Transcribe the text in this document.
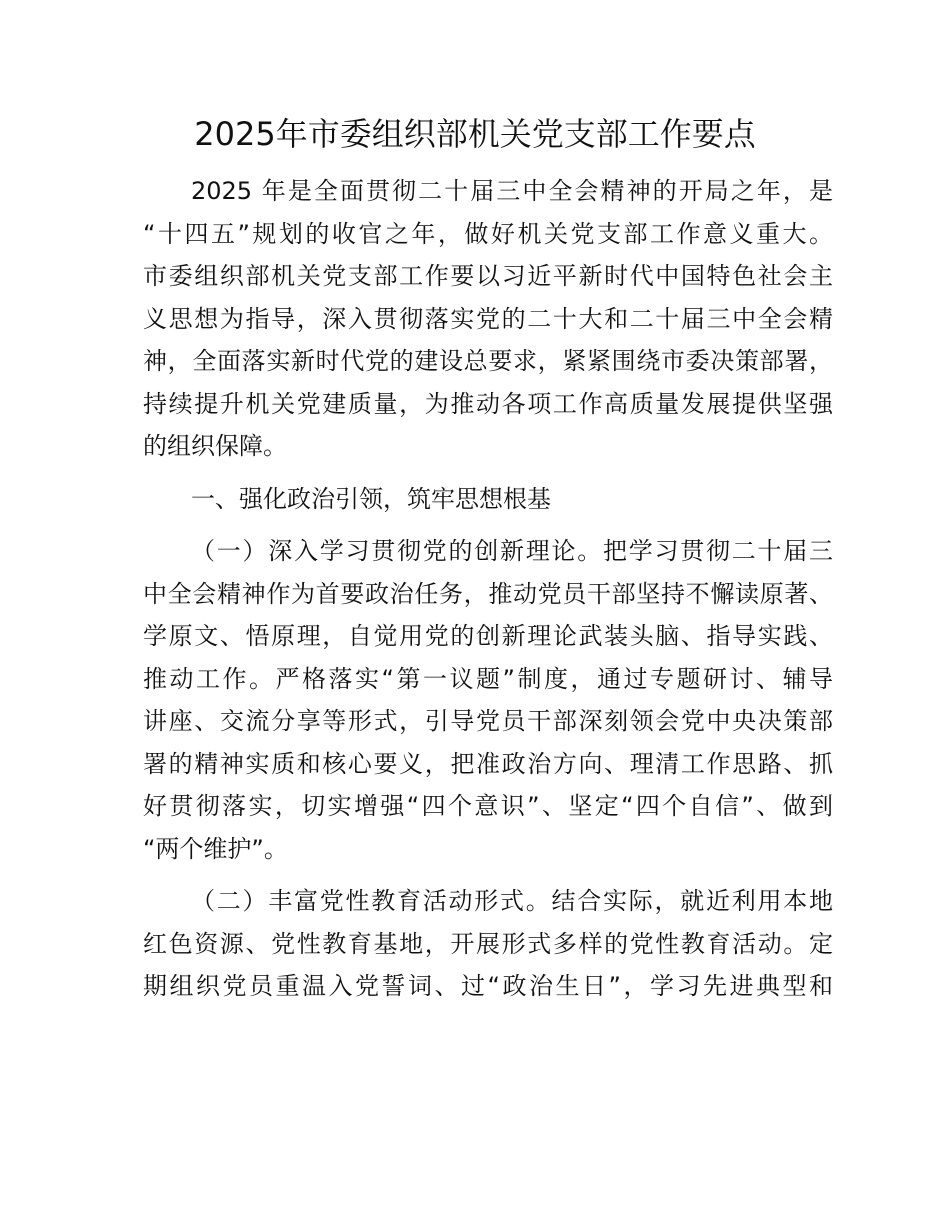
2025年市委组织部机关党支部工作要点
2025 年是全面贯彻二十届三中全会精神的开局之年，是
“十四五”规划的收官之年，做好机关党支部工作意义重大。
市委组织部机关党支部工作要以习近平新时代中国特色社会主
义思想为指导，深入贯彻落实党的二十大和二十届三中全会精
神，全面落实新时代党的建设总要求，紧紧围绕市委决策部署，
持续提升机关党建质量，为推动各项工作高质量发展提供坚强
的组织保障。
一、强化政治引领，筑牢思想根基
（一）深入学习贯彻党的创新理论。把学习贯彻二十届三
中全会精神作为首要政治任务，推动党员干部坚持不懈读原著、
学原文、悟原理，自觉用党的创新理论武装头脑、指导实践、
推动工作。严格落实“第一议题”制度，通过专题研讨、辅导
讲座、交流分享等形式，引导党员干部深刻领会党中央决策部
署的精神实质和核心要义，把准政治方向、理清工作思路、抓
好贯彻落实，切实增强“四个意识”、坚定“四个自信”、做到
“两个维护”。
（二）丰富党性教育活动形式。结合实际，就近利用本地
红色资源、党性教育基地，开展形式多样的党性教育活动。定
期组织党员重温入党誓词、过“政治生日”，学习先进典型和
